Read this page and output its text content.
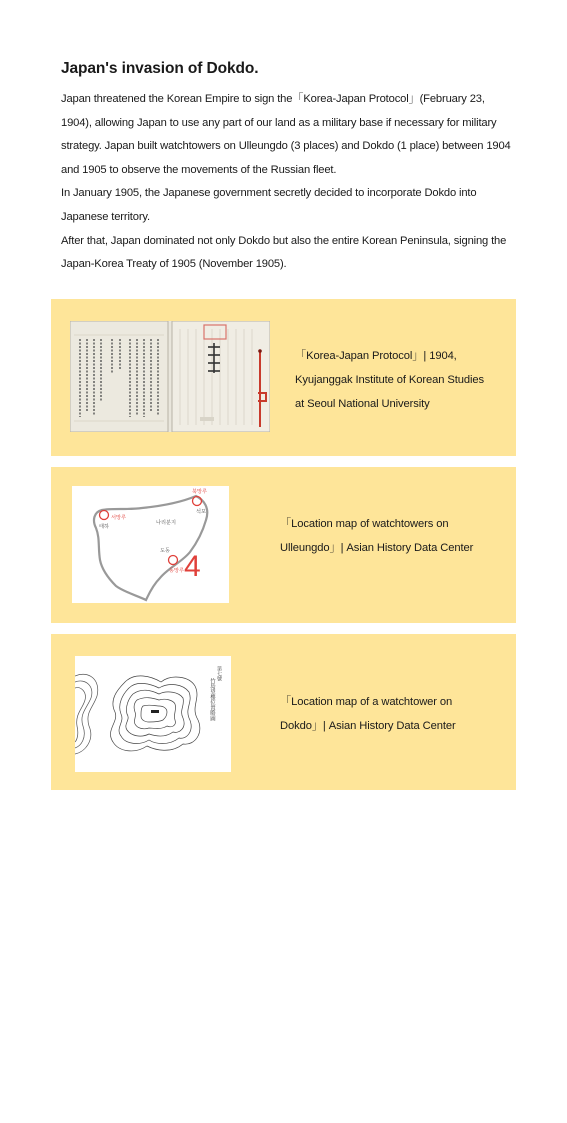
Japan's invasion of Dokdo.

Japan threatened the Korean Empire to sign the「Korea-Japan Protocol」(February 23, 1904), allowing Japan to use any part of our land as a military base if necessary for military strategy. Japan built watchtowers on Ulleungdo (3 places) and Dokdo (1 place) between 1904 and 1905 to observe the movements of the Russian fleet.

In January 1905, the Japanese government secretly decided to incorporate Dokdo into Japanese territory.

After that, Japan dominated not only Dokdo but also the entire Korean Peninsula, signing the Japan-Korea Treaty of 1905 (November 1905).

「Korea-Japan Protocol」| 1904, Kyujanggak Institute of Korean Studies at Seoul National University
서망루
태하
북망루
석포
나리분지
도동
동망루 4
「Location map of watchtowers on Ulleungdo」| Asian History Data Center
第七號
竹島望樓位置略圖	「Location map of a watchtower on Dokdo」| Asian History Data Center
